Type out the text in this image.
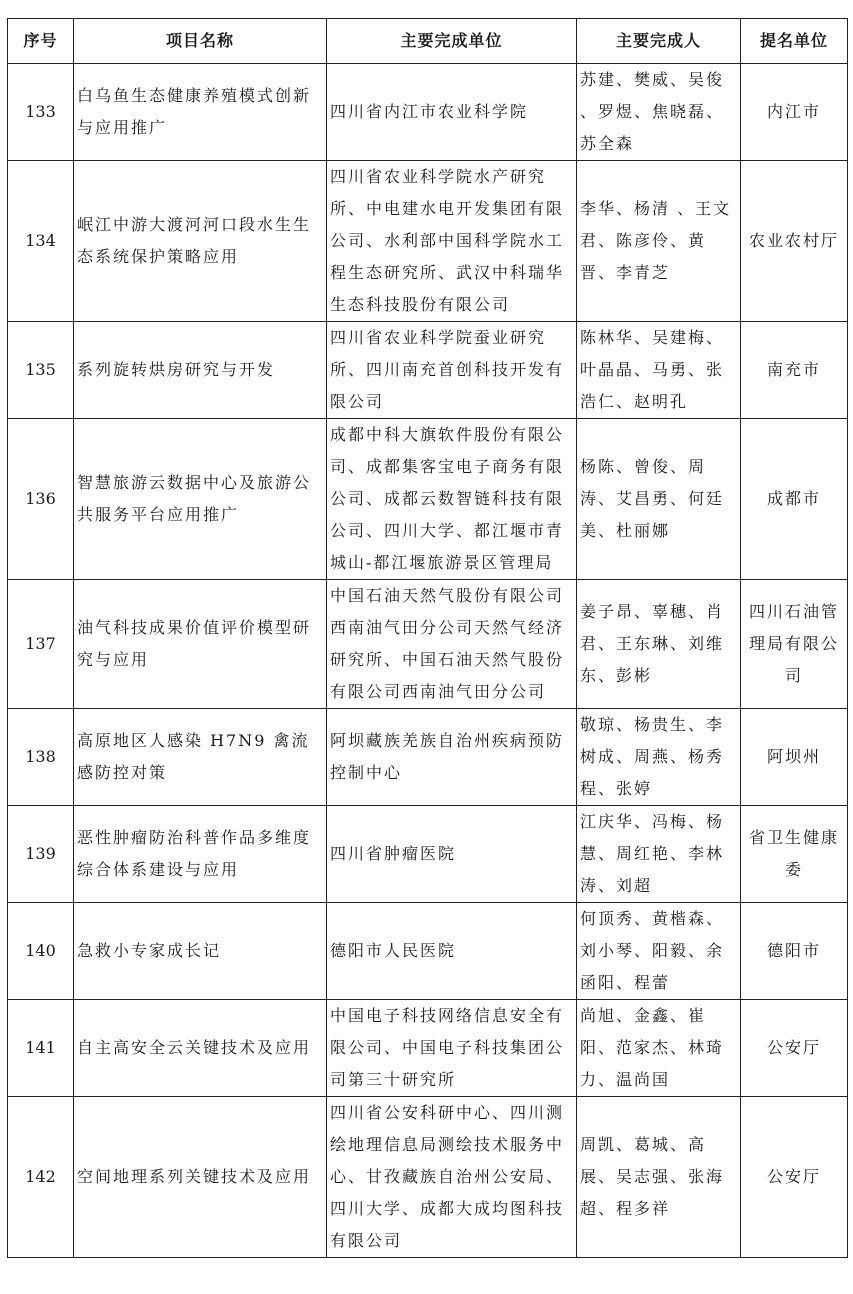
序号	项目名称	主要完成单位	主要完成人	提名单位
133	白乌鱼生态健康养殖模式创新与应用推广	四川省内江市农业科学院	苏建、樊威、吴俊 、罗煜、焦晓磊、苏全森	内江市
134	岷江中游大渡河河口段水生生态系统保护策略应用	四川省农业科学院水产研究所、中电建水电开发集团有限公司、水利部中国科学院水工程生态研究所、武汉中科瑞华生态科技股份有限公司	李华、杨清 、王文君、陈彦伶、黄晋、李青芝	农业农村厅
135	系列旋转烘房研究与开发	四川省农业科学院蚕业研究所、四川南充首创科技开发有限公司	陈林华、吴建梅、叶晶晶、马勇、张浩仁、赵明孔	南充市
136	智慧旅游云数据中心及旅游公共服务平台应用推广	成都中科大旗软件股份有限公司、成都集客宝电子商务有限公司、成都云数智链科技有限公司、四川大学、都江堰市青城山-都江堰旅游景区管理局	杨陈、曾俊、周涛、艾昌勇、何廷美、杜丽娜	成都市
137	油气科技成果价值评价模型研究与应用	中国石油天然气股份有限公司西南油气田分公司天然气经济研究所、中国石油天然气股份有限公司西南油气田分公司	姜子昂、辜穗、肖君、王东琳、刘维东、彭彬	四川石油管理局有限公司
138	高原地区人感染 H7N9 禽流感防控对策	阿坝藏族羌族自治州疾病预防控制中心	敬琼、杨贵生、李树成、周燕、杨秀程、张婷	阿坝州
139	恶性肿瘤防治科普作品多维度综合体系建设与应用	四川省肿瘤医院	江庆华、冯梅、杨慧、周红艳、李林涛、刘超	省卫生健康委
140	急救小专家成长记	德阳市人民医院	何顶秀、黄楷森、刘小琴、阳毅、余函阳、程蕾	德阳市
141	自主高安全云关键技术及应用	中国电子科技网络信息安全有限公司、中国电子科技集团公司第三十研究所	尚旭、金鑫、崔阳、范家杰、林琦力、温尚国	公安厅
142	空间地理系列关键技术及应用	四川省公安科研中心、四川测绘地理信息局测绘技术服务中心、甘孜藏族自治州公安局、四川大学、成都大成均图科技有限公司	周凯、葛城、高展、吴志强、张海超、程多祥	公安厅
